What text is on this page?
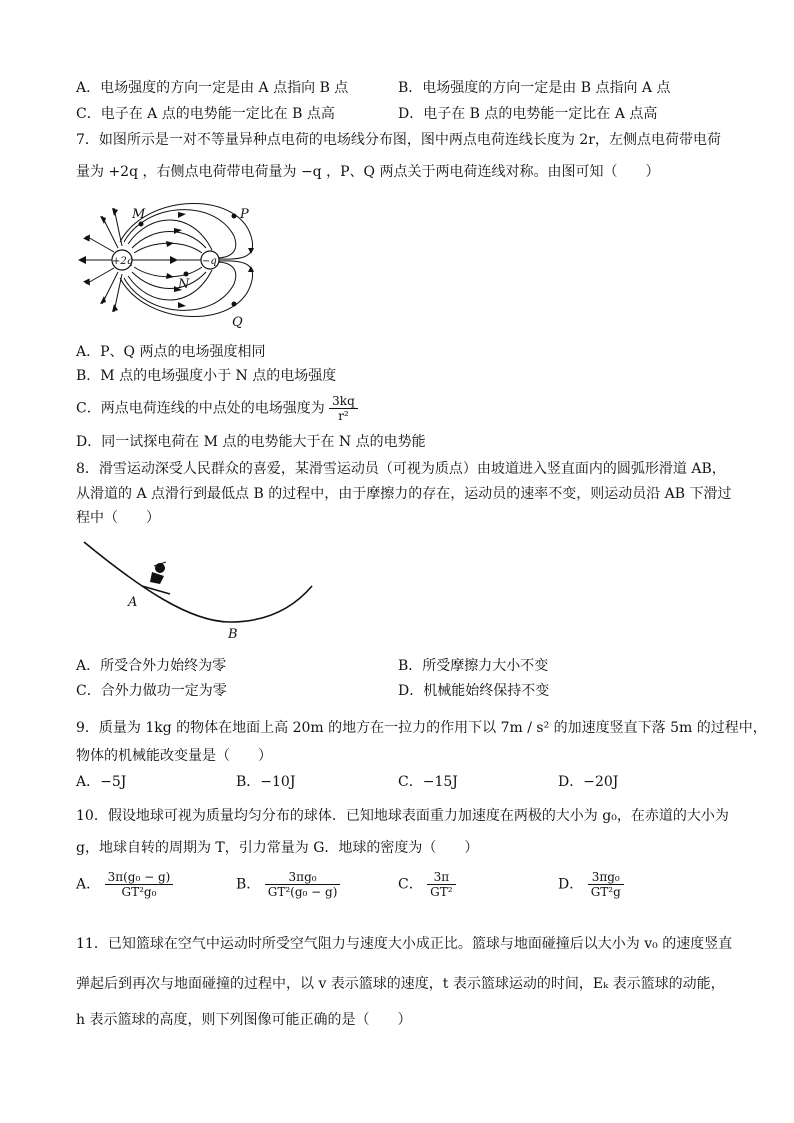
A．电场强度的方向一定是由 A 点指向 B 点	B．电场强度的方向一定是由 B 点指向 A 点
C．电子在 A 点的电势能一定比在 B 点高	D．电子在 B 点的电势能一定比在 A 点高
7．如图所示是一对不等量异种点电荷的电场线分布图，图中两点电荷连线长度为 2r，左侧点电荷带电荷
量为 +2q ，右侧点电荷带电荷量为 −q ，P、Q 两点关于两电荷连线对称。由图可知（　　）
+2q	−q
M	P
N
Q
A．P、Q 两点的电场强度相同
B．M 点的电场强度小于 N 点的电场强度
C．两点电荷连线的中点处的电场强度为 $\frac{3kq}{\text{r²}}$
D．同一试探电荷在 M 点的电势能大于在 N 点的电势能
8．滑雪运动深受人民群众的喜爱，某滑雪运动员（可视为质点）由坡道进入竖直面内的圆弧形滑道 AB，
从滑道的 A 点滑行到最低点 B 的过程中，由于摩擦力的存在，运动员的速率不变，则运动员沿 AB 下滑过
程中（　　）
A
B
A．所受合外力始终为零	B．所受摩擦力大小不变
C．合外力做功一定为零	D．机械能始终保持不变
9．质量为 1kg 的物体在地面上高 20m 的地方在一拉力的作用下以 7m / s² 的加速度竖直下落 5m 的过程中，
物体的机械能改变量是（　　）
A．−5J	B．−10J	C．−15J	D．−20J
10．假设地球可视为质量均匀分布的球体．已知地球表面重力加速度在两极的大小为 g₀，在赤道的大小为
g，地球自转的周期为 T，引力常量为 G．地球的密度为（　　）
A． $\frac{\text{3π(g₀ − g)}}{\text{GT²g₀}}$	B． $\frac{\text{3πg₀}}{\text{GT²(g₀ − g)}}$	C． $\frac{3\pi}{\text{GT²}}$	D． $\frac{\text{3πg₀}}{\text{GT²g}}$
11．已知篮球在空气中运动时所受空气阻力与速度大小成正比。篮球与地面碰撞后以大小为 v₀ 的速度竖直
弹起后到再次与地面碰撞的过程中，以 v 表示篮球的速度，t 表示篮球运动的时间，Eₖ 表示篮球的动能，
h 表示篮球的高度，则下列图像可能正确的是（　　）
